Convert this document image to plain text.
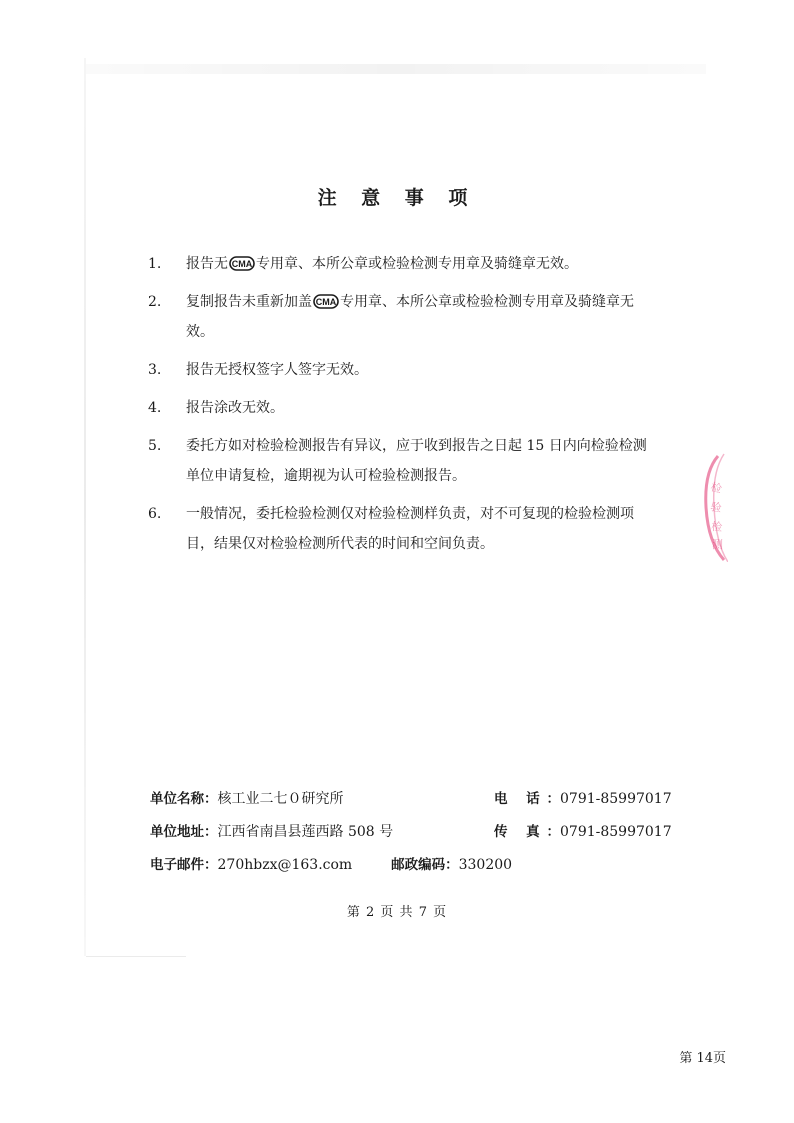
注 意 事 项
1.	报告无 CMA 专用章、本所公章或检验检测专用章及骑缝章无效。
2.	复制报告未重新加盖 CMA 专用章、本所公章或检验检测专用章及骑缝章无
效。
3.	报告无授权签字人签字无效。
4.	报告涂改无效。
5.	委托方如对检验检测报告有异议，应于收到报告之日起 15 日内向检验检测
单位申请复检，逾期视为认可检验检测报告。
6.	一般情况，委托检验检测仅对检验检测样负责，对不可复现的检验检测项
目，结果仅对检验检测所代表的时间和空间负责。
单位名称：核工业二七０研究所	电 话：0791-85997017
单位地址：江西省南昌县莲西路 508 号	传 真：0791-85997017
电子邮件：270hbzx@163.com	邮政编码：330200
第 2 页 共 7 页
第 14页
检
验
检
测
